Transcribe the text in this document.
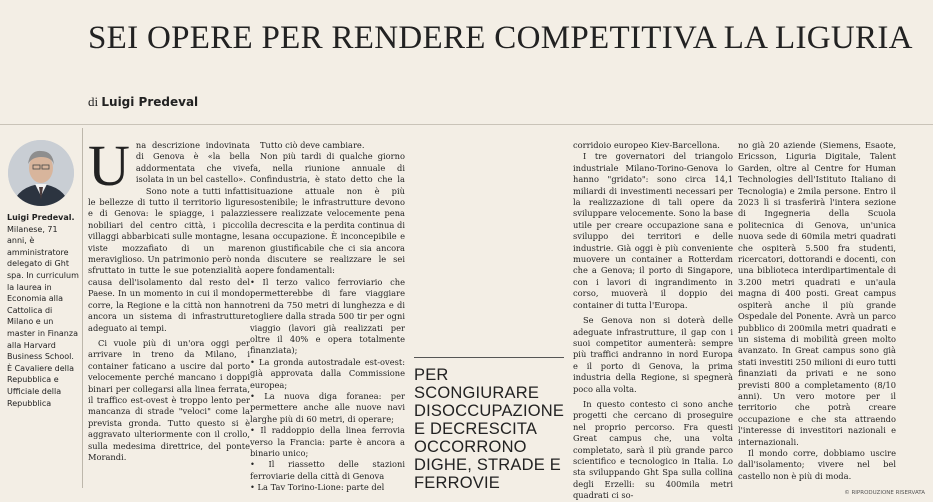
SEI OPERE PER RENDERE COMPETITIVA LA LIGURIA
di Luigi Predeval
Luigi Predeval. Milanese, 71 anni, è amministratore delegato di Ght spa. In curriculum la laurea in Economia alla Cattolica di Milano e un master in Finanza alla Harvard Business School. È Cavaliere della Repubblica e Ufficiale della Repubblica

U na descrizione indovinata di Genova è «la bella addormentata che vive isolata in un bel castello».

Sono note a tutti infatti le bellezze di tutto il territorio ligure e di Genova: le spiagge, i palazzi nobiliari del centro città, i piccoli villaggi abbarbicati sulle montagne, le viste mozzafiato di un mare meraviglioso. Un patrimonio però non sfruttato in tutte le sue potenzialità a causa dell'isolamento dal resto del Paese. In un momento in cui il mondo corre, la Regione e la città non hanno ancora un sistema di infrastrutture adeguato ai tempi.

Ci vuole più di un'ora oggi per arrivare in treno da Milano, i container faticano a uscire dal porto velocemente perché mancano i doppi binari per collegarsi alla linea ferrata, il traffico est-ovest è troppo lento per mancanza di strade "veloci" come la prevista gronda. Tutto questo si è aggravato ulteriormente con il crollo, sulla medesima direttrice, del ponte Morandi.

Tutto ciò deve cambiare.

Non più tardi di qualche giorno fa, nella riunione annuale di Confindustria, è stato detto che la situazione attuale non è più sostenibile; le infrastrutture devono essere realizzate velocemente pena la decrescita e la perdita continua di sana occupazione. È inconcepibile e non giustificabile che ci sia ancora da discutere se realizzare le sei opere fondamentali:

• Il terzo valico ferroviario che permetterebbe di fare viaggiare treni da 750 metri di lunghezza e di togliere dalla strada 500 tir per ogni viaggio (lavori già realizzati per oltre il 40% e opera totalmente finanziata);

• La gronda autostradale est-ovest: già approvata dalla Commissione europea;

• La nuova diga foranea: per permettere anche alle nuove navi larghe più di 60 metri, di operare;

• Il raddoppio della linea ferrovia verso la Francia: parte è ancora a binario unico;

• Il riassetto delle stazioni ferroviarie della città di Genova

• La Tav Torino-Lione: parte del

corridoio europeo Kiev-Barcellona.

I tre governatori del triangolo industriale Milano-Torino-Genova lo hanno "gridato": sono circa 14,1 miliardi di investimenti necessari per la realizzazione di tali opere da sviluppare velocemente. Sono la base utile per creare occupazione sana e sviluppo dei territori e delle industrie. Già oggi è più conveniente muovere un container a Rotterdam che a Genova; il porto di Singapore, con i lavori di ingrandimento in corso, muoverà il doppio dei container di tutta l'Europa.

Se Genova non si doterà delle adeguate infrastrutture, il gap con i suoi competitor aumenterà: sempre più traffici andranno in nord Europa e il porto di Genova, la prima industria della Regione, si spegnerà poco alla volta.

In questo contesto ci sono anche progetti che cercano di proseguire nel proprio percorso. Fra questi Great campus che, una volta completato, sarà il più grande parco scientifico e tecnologico in Italia. Lo sta sviluppando Ght Spa sulla collina degli Erzelli: su 400mila metri quadrati ci so-

PER SCONGIURARE DISOCCUPAZIONE E DECRESCITA OCCORRONO DIGHE, STRADE E FERROVIE

no già 20 aziende (Siemens, Esaote, Ericsson, Liguria Digitale, Talent Garden, oltre al Centre for Human Technologies dell'Istituto Italiano di Tecnologia) e 2mila persone. Entro il 2023 lì si trasferirà l'intera sezione di Ingegneria della Scuola politecnica di Genova, un'unica nuova sede di 60mila metri quadrati che ospiterà 5.500 fra studenti, ricercatori, dottorandi e docenti, con una biblioteca interdipartimentale di 3.200 metri quadrati e un'aula magna di 400 posti. Great campus ospiterà anche il più grande Ospedale del Ponente. Avrà un parco pubblico di 200mila metri quadrati e un sistema di mobilità green molto avanzato. In Great campus sono già stati investiti 250 milioni di euro tutti finanziati da privati e ne sono previsti 800 a completamento (8/10 anni). Un vero motore per il territorio che potrà creare occupazione e che sta attraendo l'interesse di investitori nazionali e internazionali.

Il mondo corre, dobbiamo uscire dall'isolamento; vivere nel bel castello non è più di moda.

© RIPRODUZIONE RISERVATA
